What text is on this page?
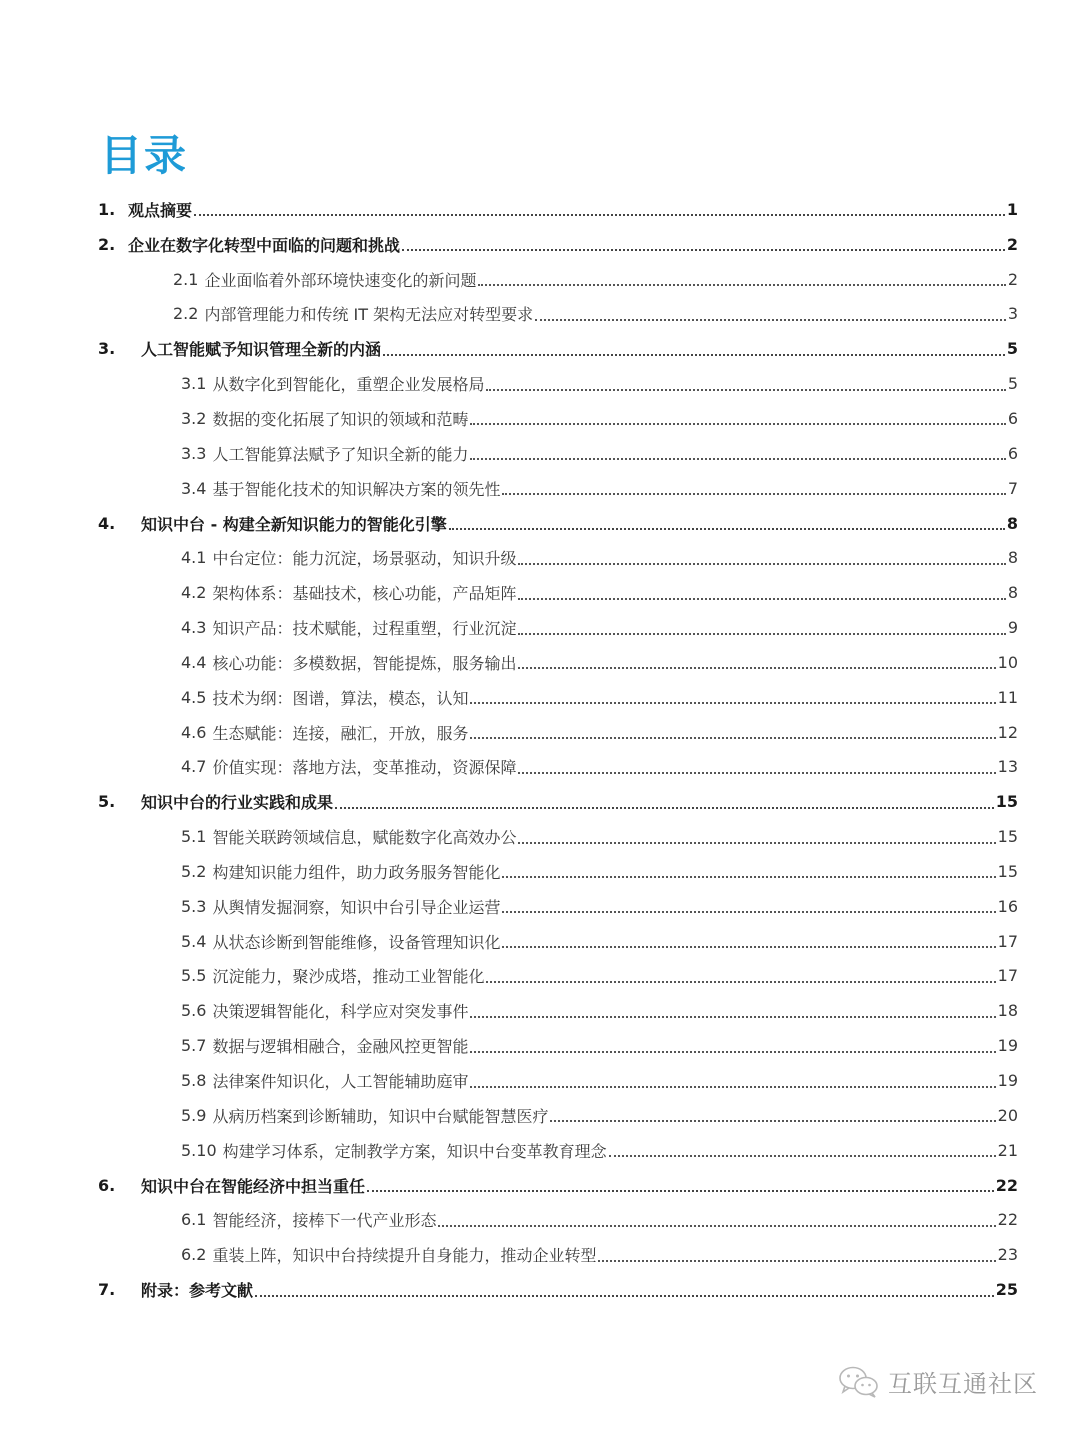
目录
1. 观点摘要	1
2. 企业在数字化转型中面临的问题和挑战	2
2.1 企业面临着外部环境快速变化的新问题	2
2.2 内部管理能力和传统 IT 架构无法应对转型要求	3
3.	人工智能赋予知识管理全新的内涵	5
3.1 从数字化到智能化，重塑企业发展格局	5
3.2 数据的变化拓展了知识的领域和范畴	6
3.3 人工智能算法赋予了知识全新的能力	6
3.4 基于智能化技术的知识解决方案的领先性	7
4.	知识中台 - 构建全新知识能力的智能化引擎	8
4.1 中台定位：能力沉淀，场景驱动，知识升级	8
4.2 架构体系：基础技术，核心功能，产品矩阵	8
4.3 知识产品：技术赋能，过程重塑，行业沉淀	9
4.4 核心功能：多模数据，智能提炼，服务输出	10
4.5 技术为纲：图谱，算法，模态，认知	11
4.6 生态赋能：连接，融汇，开放，服务	12
4.7 价值实现：落地方法，变革推动，资源保障	13
5.	知识中台的行业实践和成果	15
5.1 智能关联跨领域信息，赋能数字化高效办公	15
5.2 构建知识能力组件，助力政务服务智能化	15
5.3 从舆情发掘洞察，知识中台引导企业运营	16
5.4 从状态诊断到智能维修，设备管理知识化	17
5.5 沉淀能力，聚沙成塔，推动工业智能化	17
5.6 决策逻辑智能化，科学应对突发事件	18
5.7 数据与逻辑相融合，金融风控更智能	19
5.8 法律案件知识化，人工智能辅助庭审	19
5.9 从病历档案到诊断辅助，知识中台赋能智慧医疗	20
5.10 构建学习体系，定制教学方案，知识中台变革教育理念	21
6.	知识中台在智能经济中担当重任	22
6.1 智能经济，接棒下一代产业形态	22
6.2 重装上阵，知识中台持续提升自身能力，推动企业转型	23
7.	附录：参考文献	25
互联互通社区
